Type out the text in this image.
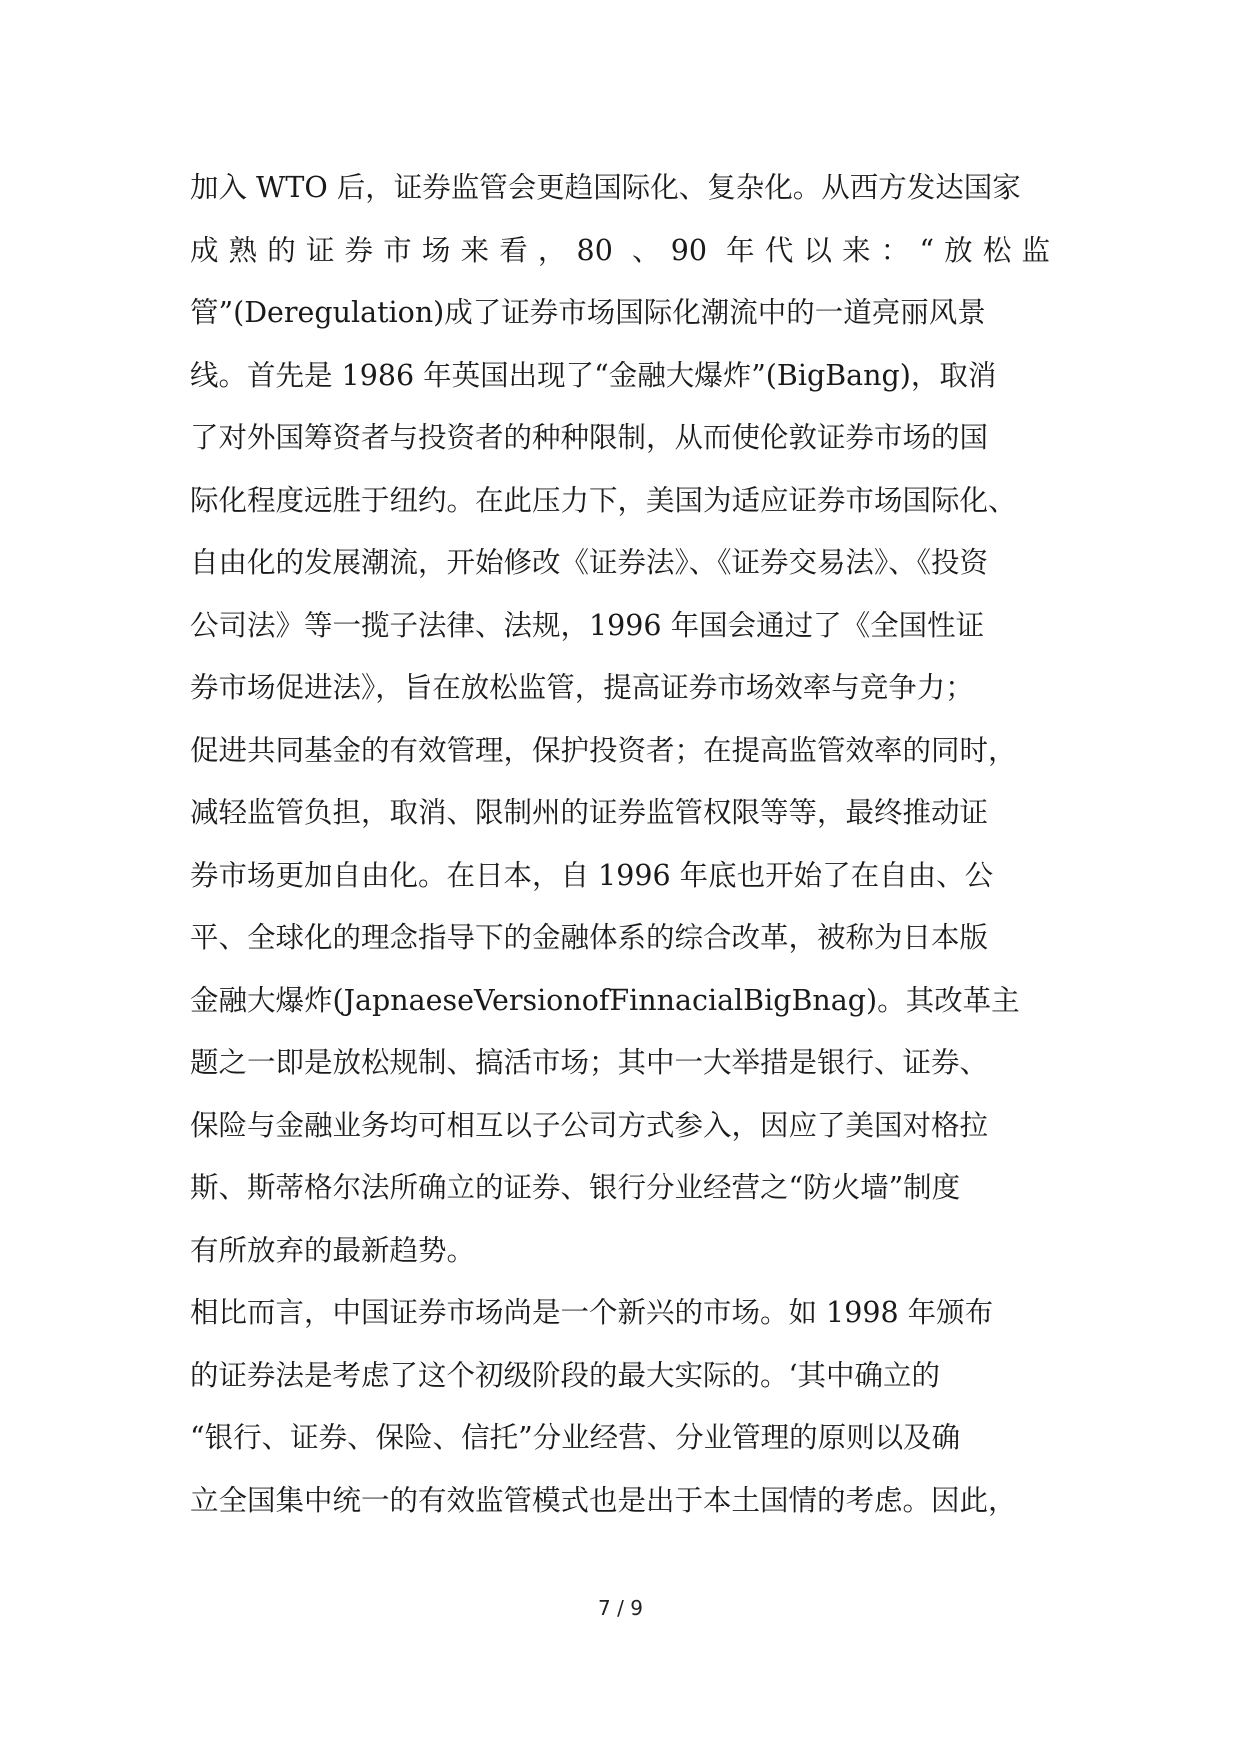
加入 WTO 后，证券监管会更趋国际化、复杂化。从西方发达国家
成熟的证券市场来看，80 、90 年代以来：“放松监
管”(Deregulation)成了证券市场国际化潮流中的一道亮丽风景
线。首先是 1986 年英国出现了“金融大爆炸”(BigBang)，取消
了对外国筹资者与投资者的种种限制，从而使伦敦证券市场的国
际化程度远胜于纽约。在此压力下，美国为适应证券市场国际化、
自由化的发展潮流，开始修改《证券法》、《证券交易法》、《投资
公司法》等一揽子法律、法规，1996 年国会通过了《全国性证
券市场促进法》，旨在放松监管，提高证券市场效率与竞争力；
促进共同基金的有效管理，保护投资者；在提高监管效率的同时，
减轻监管负担，取消、限制州的证券监管权限等等，最终推动证
券市场更加自由化。在日本，自 1996 年底也开始了在自由、公
平、全球化的理念指导下的金融体系的综合改革，被称为日本版
金融大爆炸(JapnaeseVersionofFinnacialBigBnag)。其改革主
题之一即是放松规制、搞活市场；其中一大举措是银行、证券、
保险与金融业务均可相互以子公司方式参入，因应了美国对格拉
斯、斯蒂格尔法所确立的证券、银行分业经营之“防火墙”制度
有所放弃的最新趋势。
相比而言，中国证券市场尚是一个新兴的市场。如 1998 年颁布
的证券法是考虑了这个初级阶段的最大实际的。‘其中确立的
“银行、证券、保险、信托”分业经营、分业管理的原则以及确
立全国集中统一的有效监管模式也是出于本土国情的考虑。因此，
7 / 9
